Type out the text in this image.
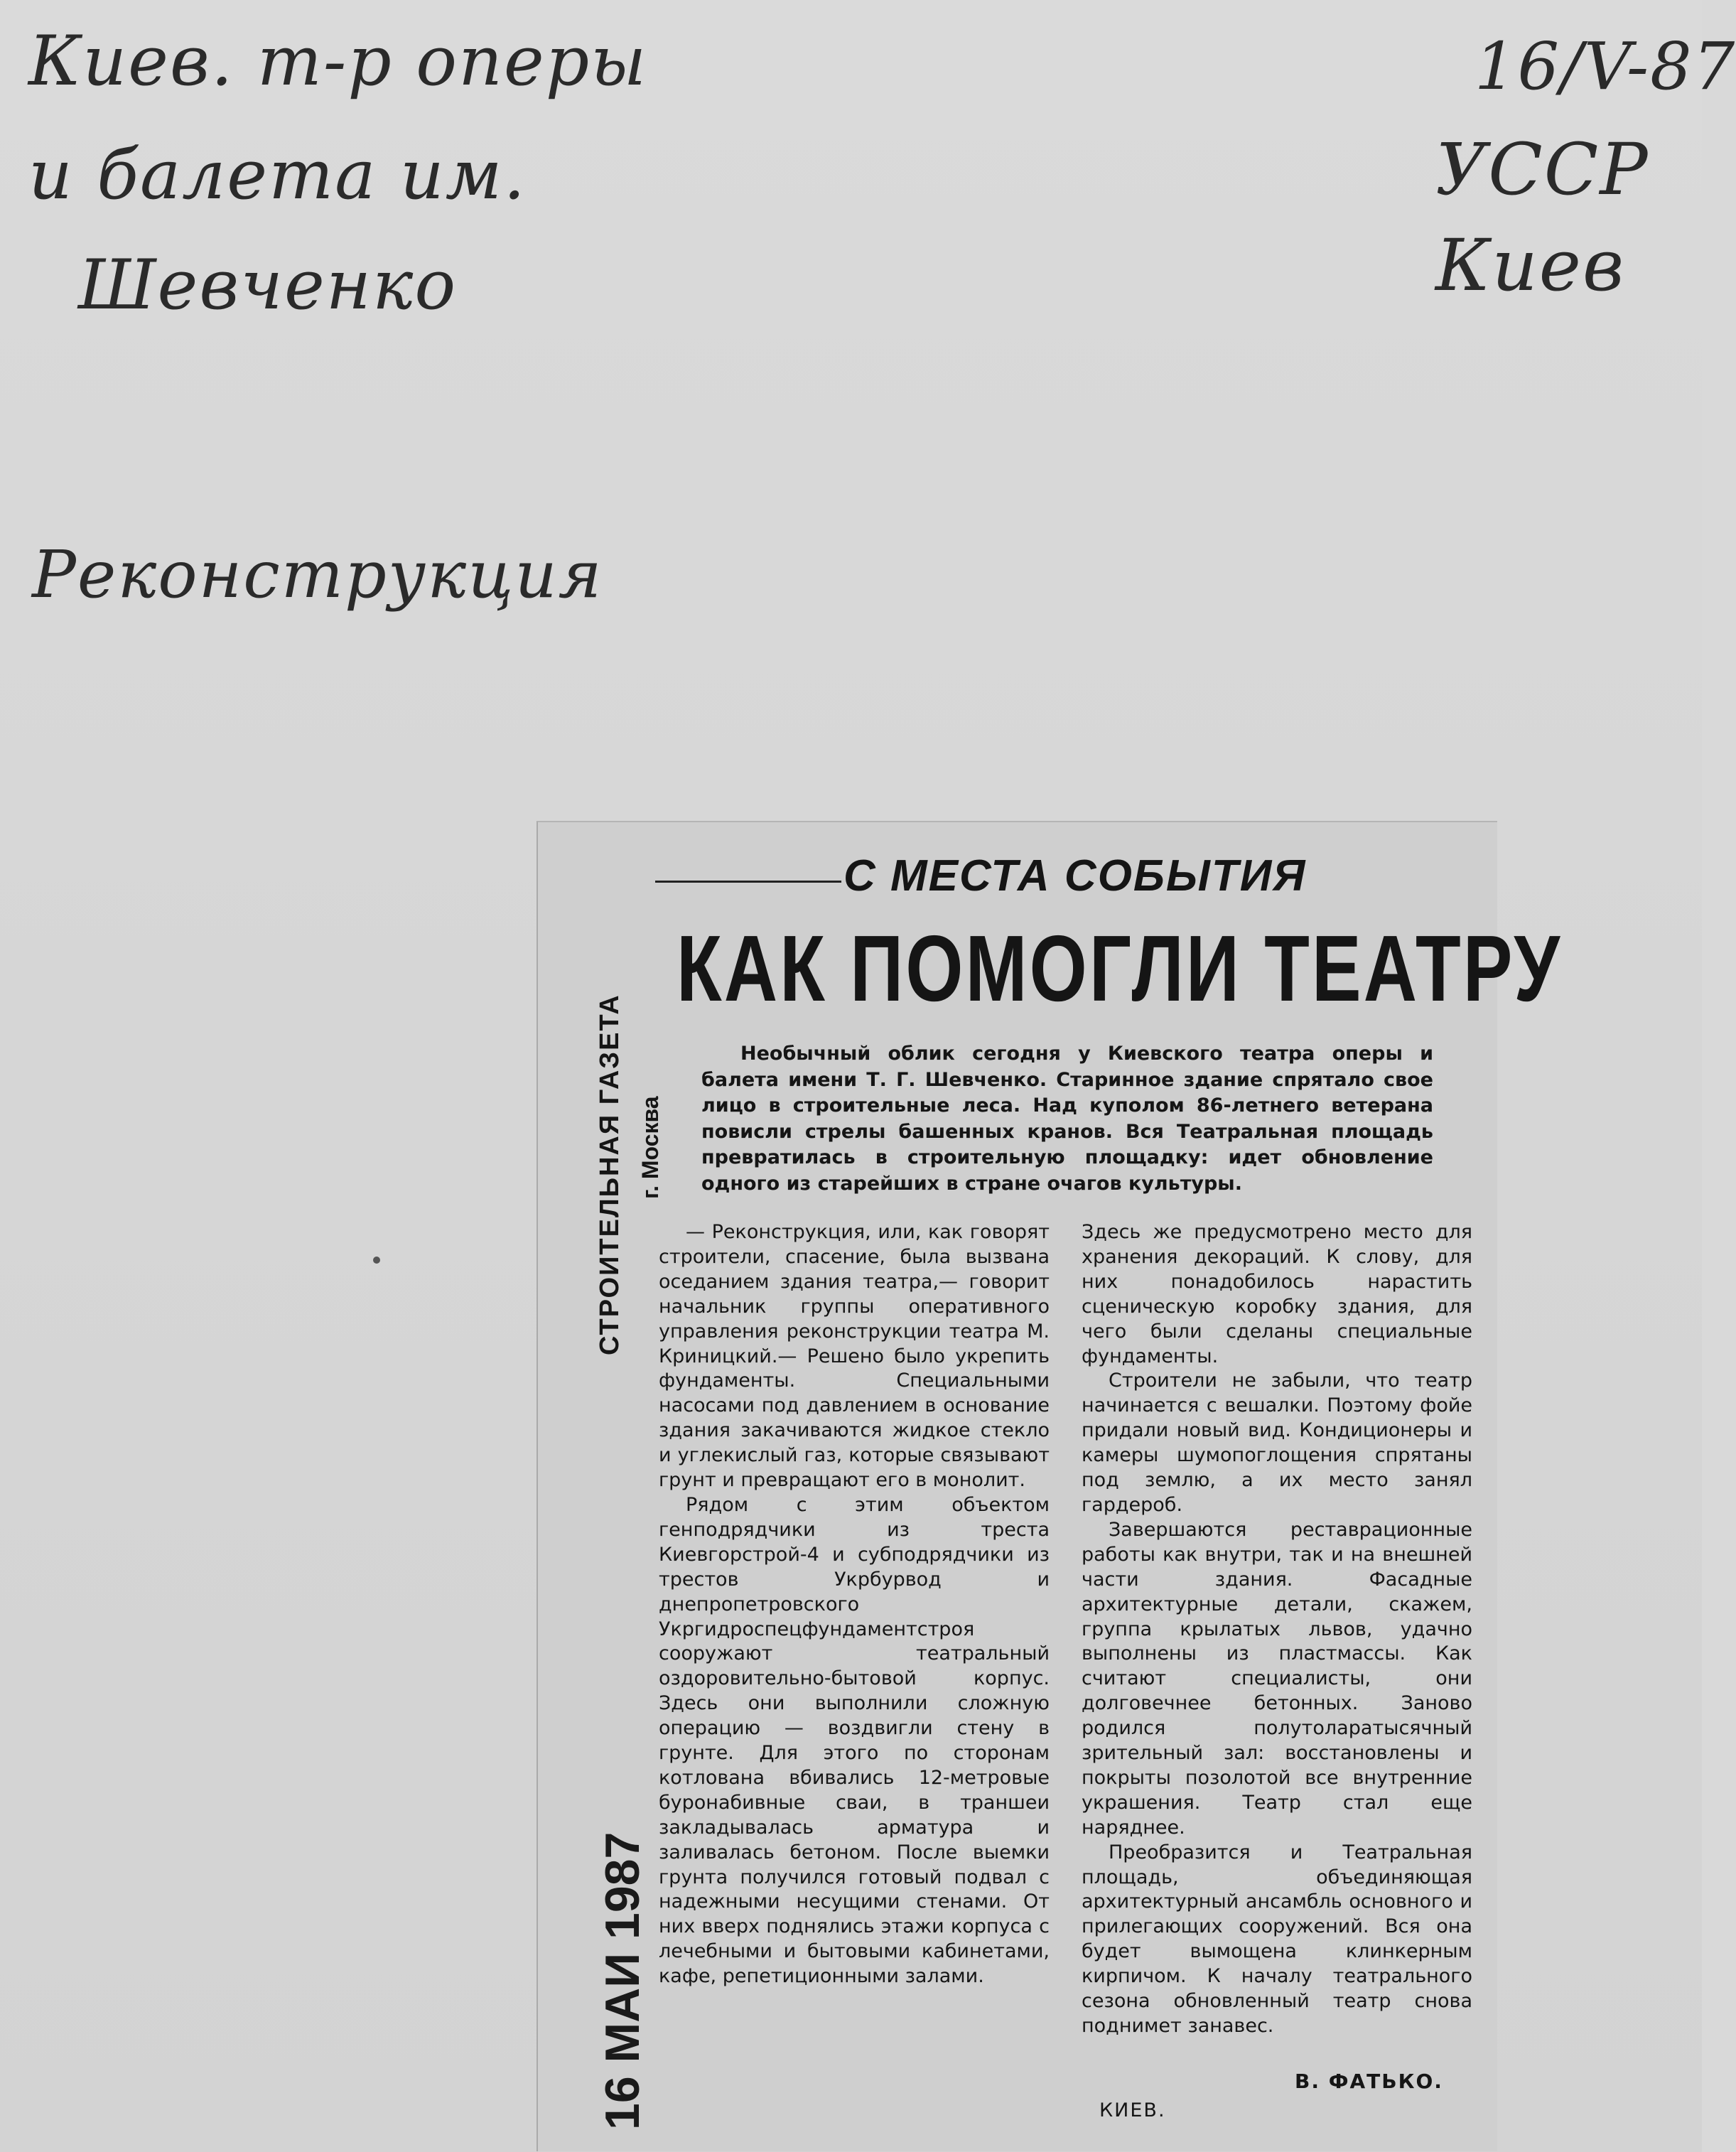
Киев. т-р оперы
и балета им.
Шевченко
16/V-87
УССР
Киев
Реконструкция
С МЕСТА СОБЫТИЯ
КАК ПОМОГЛИ ТЕАТРУ
СТРОИТЕЛЬНАЯ ГАЗЕТА г. Москва
Необычный облик сегодня у Киевского театра оперы и балета имени Т. Г. Шевченко. Старинное здание спрятало свое лицо в строительные леса. Над куполом 86-летнего ветерана повисли стрелы башенных кранов. Вся Театральная площадь превратилась в строительную площадку: идет обновление одного из старейших в стране очагов культуры.
16 МАИ 1987

— Реконструкция, или, как говорят строители, спасение, была вызвана оседанием здания театра,— говорит начальник группы оперативного управления реконструкции театра М. Криницкий.— Решено было укрепить фундаменты. Специальными насосами под давлением в основание здания закачиваются жидкое стекло и углекислый газ, которые связывают грунт и превращают его в монолит.

Рядом с этим объектом генподрядчики из треста Киевгорстрой-4 и субподрядчики из трестов Укрбурвод и днепропетровского Укргидроспецфундаментстроя сооружают театральный оздоровительно-бытовой корпус. Здесь они выполнили сложную операцию — воздвигли стену в грунте. Для этого по сторонам котлована вбивались 12-метровые буронабивные сваи, в траншеи закладывалась арматура и заливалась бетоном. После выемки грунта получился готовый подвал с надежными несущими стенами. От них вверх поднялись этажи корпуса с лечебными и бытовыми кабинетами, кафе, репетиционными залами.

Здесь же предусмотрено место для хранения декораций. К слову, для них понадобилось нарастить сценическую коробку здания, для чего были сделаны специальные фундаменты.

Строители не забыли, что театр начинается с вешалки. Поэтому фойе придали новый вид. Кондиционеры и камеры шумопоглощения спрятаны под землю, а их место занял гардероб.

Завершаются реставрационные работы как внутри, так и на внешней части здания. Фасадные архитектурные детали, скажем, группа крылатых львов, удачно выполнены из пластмассы. Как считают специалисты, они долговечнее бетонных. Заново родился полутоларатысячный зрительный зал: восстановлены и покрыты позолотой все внутренние украшения. Театр стал еще наряднее.

Преобразится и Театральная площадь, объединяющая архитектурный ансамбль основного и прилегающих сооружений. Вся она будет вымощена клинкерным кирпичом. К началу театрального сезона обновленный театр снова поднимет занавес.

В. ФАТЬКО.
КИЕВ.
